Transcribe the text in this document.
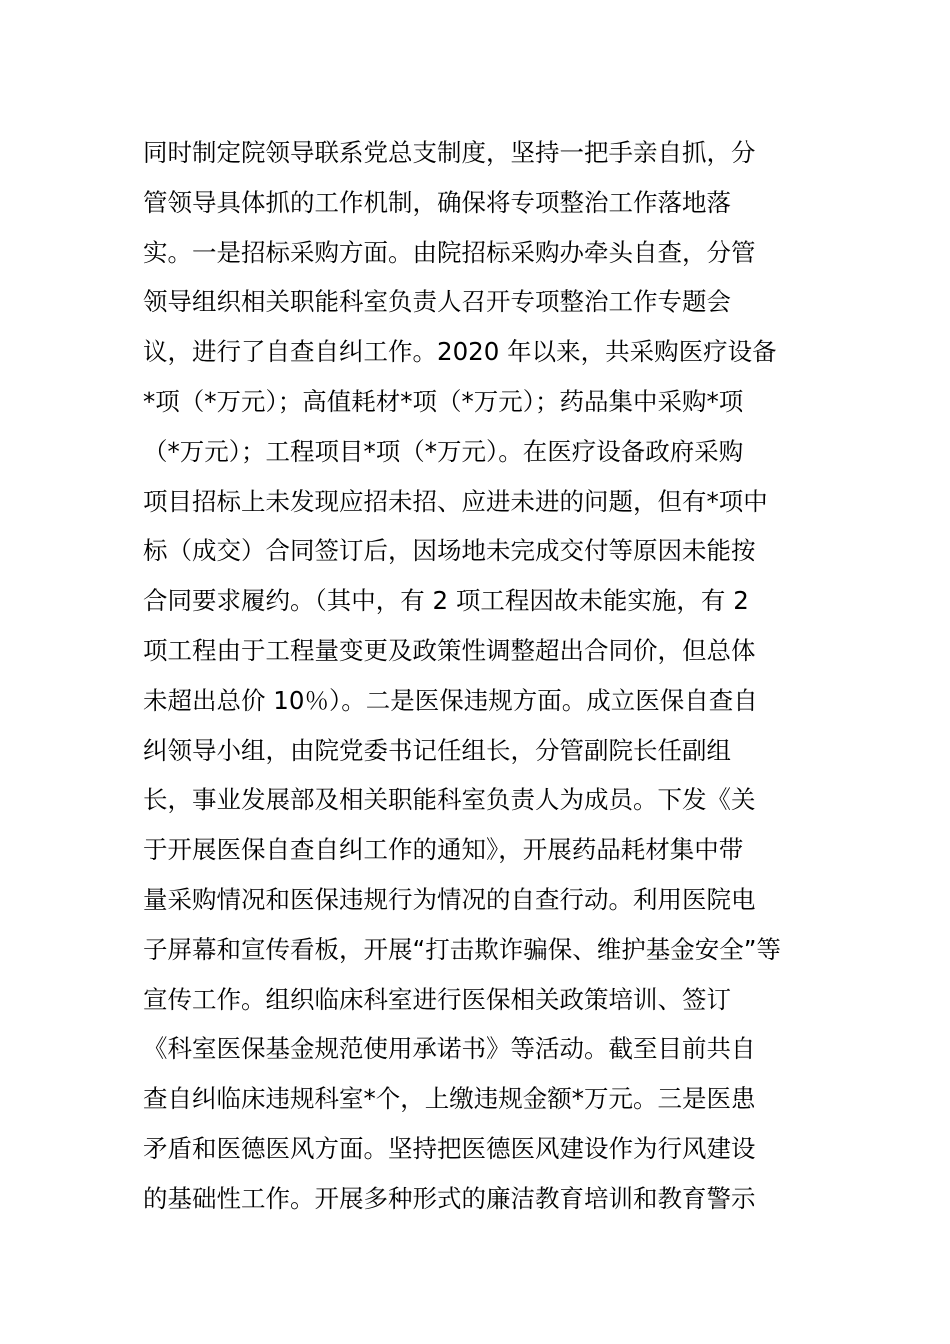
同时制定院领导联系党总支制度，坚持一把手亲自抓，分
管领导具体抓的工作机制，确保将专项整治工作落地落
实。一是招标采购方面。由院招标采购办牵头自查，分管
领导组织相关职能科室负责人召开专项整治工作专题会
议，进行了自查自纠工作。2020 年以来，共采购医疗设备
*项（*万元）；高值耗材*项（*万元）；药品集中采购*项
（*万元）；工程项目*项（*万元）。在医疗设备政府采购
项目招标上未发现应招未招、应进未进的问题，但有*项中
标（成交）合同签订后，因场地未完成交付等原因未能按
合同要求履约。（其中，有 2 项工程因故未能实施，有 2
项工程由于工程量变更及政策性调整超出合同价，但总体
未超出总价 10％）。二是医保违规方面。成立医保自查自
纠领导小组，由院党委书记任组长，分管副院长任副组
长，事业发展部及相关职能科室负责人为成员。下发《关
于开展医保自查自纠工作的通知》，开展药品耗材集中带
量采购情况和医保违规行为情况的自查行动。利用医院电
子屏幕和宣传看板，开展“打击欺诈骗保、维护基金安全”等
宣传工作。组织临床科室进行医保相关政策培训、签订
《科室医保基金规范使用承诺书》等活动。截至目前共自
查自纠临床违规科室*个，上缴违规金额*万元。三是医患
矛盾和医德医风方面。坚持把医德医风建设作为行风建设
的基础性工作。开展多种形式的廉洁教育培训和教育警示
